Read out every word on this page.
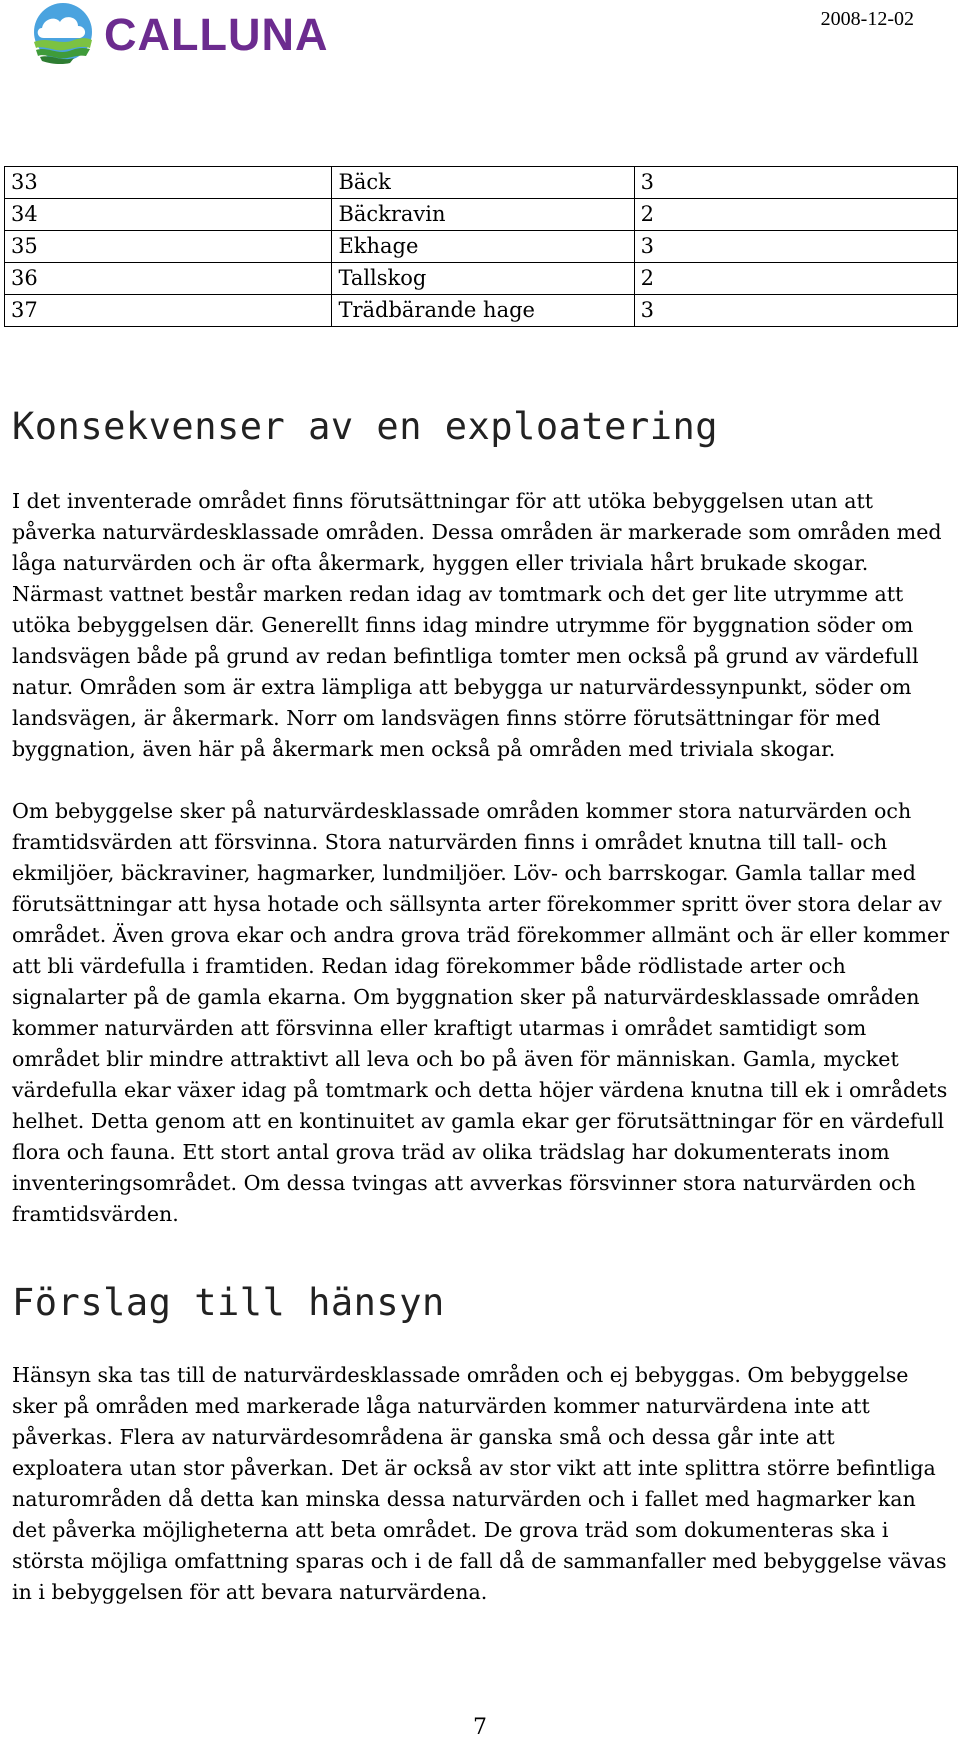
CALLUNA	2008-12-02
33	Bäck	3
34	Bäckravin	2
35	Ekhage	3
36	Tallskog	2
37	Trädbärande hage	3
Konsekvenser av en exploatering

I det inventerade området finns förutsättningar för att utöka bebyggelsen utan att påverka naturvärdesklassade områden. Dessa områden är markerade som områden med låga naturvärden och är ofta åkermark, hyggen eller triviala hårt brukade skogar. Närmast vattnet består marken redan idag av tomtmark och det ger lite utrymme att utöka bebyggelsen där. Generellt finns idag mindre utrymme för byggnation söder om landsvägen både på grund av redan befintliga tomter men också på grund av värdefull natur. Områden som är extra lämpliga att bebygga ur naturvärdessynpunkt, söder om landsvägen, är åkermark. Norr om landsvägen finns större förutsättningar för med byggnation, även här på åkermark men också på områden med triviala skogar.

Om bebyggelse sker på naturvärdesklassade områden kommer stora naturvärden och framtidsvärden att försvinna. Stora naturvärden finns i området knutna till tall- och ekmiljöer, bäckraviner, hagmarker, lundmiljöer. Löv- och barrskogar. Gamla tallar med förutsättningar att hysa hotade och sällsynta arter förekommer spritt över stora delar av området. Även grova ekar och andra grova träd förekommer allmänt och är eller kommer att bli värdefulla i framtiden. Redan idag förekommer både rödlistade arter och signalarter på de gamla ekarna. Om byggnation sker på naturvärdesklassade områden kommer naturvärden att försvinna eller kraftigt utarmas i området samtidigt som området blir mindre attraktivt all leva och bo på även för människan. Gamla, mycket värdefulla ekar växer idag på tomtmark och detta höjer värdena knutna till ek i områdets helhet. Detta genom att en kontinuitet av gamla ekar ger förutsättningar för en värdefull flora och fauna. Ett stort antal grova träd av olika trädslag har dokumenterats inom inventeringsområdet. Om dessa tvingas att avverkas försvinner stora naturvärden och framtidsvärden.

Förslag till hänsyn

Hänsyn ska tas till de naturvärdesklassade områden och ej bebyggas. Om bebyggelse sker på områden med markerade låga naturvärden kommer naturvärdena inte att påverkas. Flera av naturvärdesområdena är ganska små och dessa går inte att exploatera utan stor påverkan. Det är också av stor vikt att inte splittra större befintliga naturområden då detta kan minska dessa naturvärden och i fallet med hagmarker kan det påverka möjligheterna att beta området. De grova träd som dokumenteras ska i största möjliga omfattning sparas och i de fall då de sammanfaller med bebyggelse vävas in i bebyggelsen för att bevara naturvärdena.

7
